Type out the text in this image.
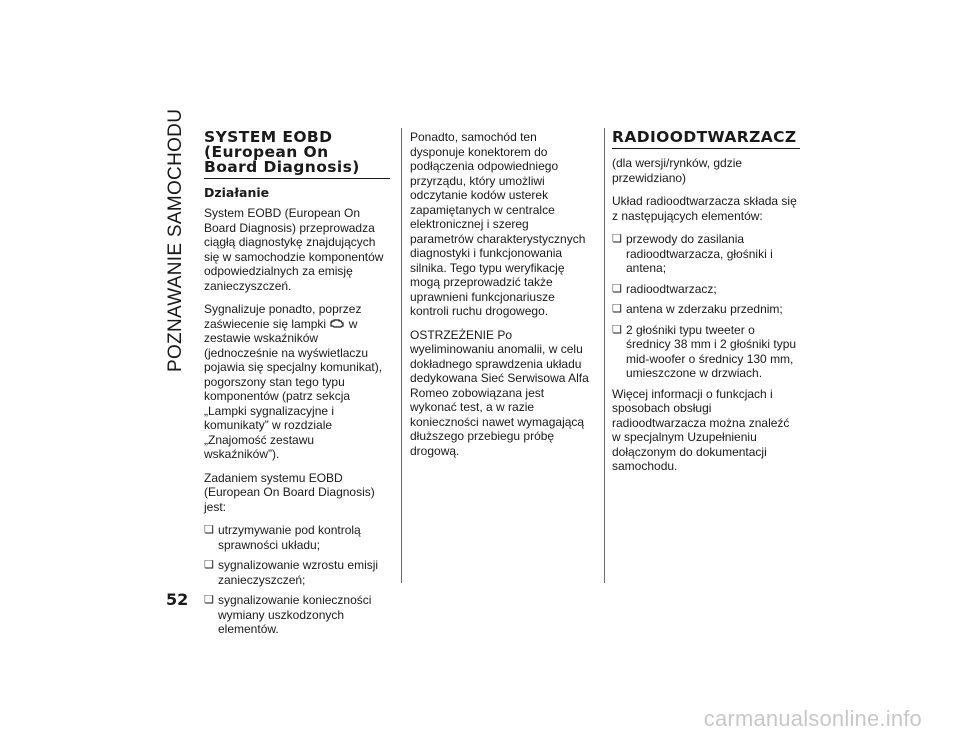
POZNAWANIE SAMOCHODU
52
SYSTEM EOBD
(European On
Board Diagnosis)
Działanie

System EOBD (European On Board Diagnosis) przeprowadza ciągłą diagnostykę znajdujących się w samochodzie komponentów odpowiedzialnych za emisję zanieczyszczeń.

Sygnalizuje ponadto, poprzez zaświecenie się lampki w zestawie wskaźników (jednocześnie na wyświetlaczu pojawia się specjalny komunikat), pogorszony stan tego typu komponentów (patrz sekcja „Lampki sygnalizacyjne i komunikaty” w rozdziale „Znajomość zestawu wskaźników”).

Zadaniem systemu EOBD (European On Board Diagnosis) jest:

❏ utrzymywanie pod kontrolą sprawności układu;
❏ sygnalizowanie wzrostu emisji zanieczyszczeń;
❏ sygnalizowanie konieczności wymiany uszkodzonych elementów.

Ponadto, samochód ten dysponuje konektorem do podłączenia odpowiedniego przyrządu, który umożliwi odczytanie kodów usterek zapamiętanych w centralce elektronicznej i szereg parametrów charakterystycznych diagnostyki i funkcjonowania silnika. Tego typu weryfikację mogą przeprowadzić także uprawnieni funkcjonariusze kontroli ruchu drogowego.

OSTRZEŻENIE Po wyeliminowaniu anomalii, w celu dokładnego sprawdzenia układu dedykowana Sieć Serwisowa Alfa Romeo zobowiązana jest wykonać test, a w razie konieczności nawet wymagającą dłuższego przebiegu próbę drogową.

RADIOODTWARZACZ

(dla wersji/rynków, gdzie przewidziano)

Układ radioodtwarzacza składa się z następujących elementów:

❏ przewody do zasilania radioodtwarzacza, głośniki i antena;
❏ radioodtwarzacz;
❏ antena w zderzaku przednim;
❏ 2 głośniki typu tweeter o średnicy 38 mm i 2 głośniki typu mid-woofer o średnicy 130 mm, umieszczone w drzwiach.

Więcej informacji o funkcjach i sposobach obsługi radioodtwarzacza można znaleźć w specjalnym Uzupełnieniu dołączonym do dokumentacji samochodu.

carmanualsonline.info
